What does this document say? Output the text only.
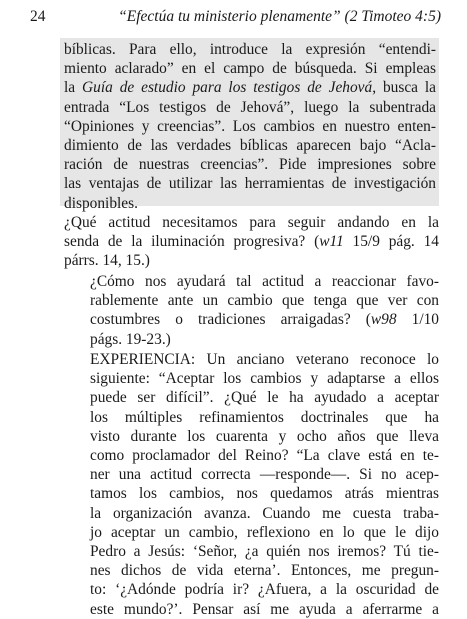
24	“Efectúa tu ministerio plenamente” (2 Timoteo 4:5)
bíblicas. Para ello, introduce la expresión “entendi-
miento aclarado” en el campo de búsqueda. Si empleas
la Guía de estudio para los testigos de Jehová, busca la
entrada “Los testigos de Jehová”, luego la subentrada
“Opiniones y creencias”. Los cambios en nuestro enten-
dimiento de las verdades bíblicas aparecen bajo “Acla-
ración de nuestras creencias”. Pide impresiones sobre
las ventajas de utilizar las herramientas de investigación
disponibles.
¿Qué actitud necesitamos para seguir andando en la
senda de la iluminación progresiva? (w11 15/9 pág. 14
párrs. 14, 15.)
¿Cómo nos ayudará tal actitud a reaccionar favo-
rablemente ante un cambio que tenga que ver con
costumbres o tradiciones arraigadas? (w98 1/10
págs. 19-23.)
EXPERIENCIA: Un anciano veterano reconoce lo
siguiente: “Aceptar los cambios y adaptarse a ellos
puede ser difícil”. ¿Qué le ha ayudado a aceptar
los múltiples refinamientos doctrinales que ha
visto durante los cuarenta y ocho años que lleva
como proclamador del Reino? “La clave está en te-
ner una actitud correcta —responde—. Si no acep-
tamos los cambios, nos quedamos atrás mientras
la organización avanza. Cuando me cuesta traba-
jo aceptar un cambio, reflexiono en lo que le dijo
Pedro a Jesús: ‘Señor, ¿a quién nos iremos? Tú tie-
nes dichos de vida eterna’. Entonces, me pregun-
to: ‘¿Adónde podría ir? ¿Afuera, a la oscuridad de
este mundo?’. Pensar así me ayuda a aferrarme a
